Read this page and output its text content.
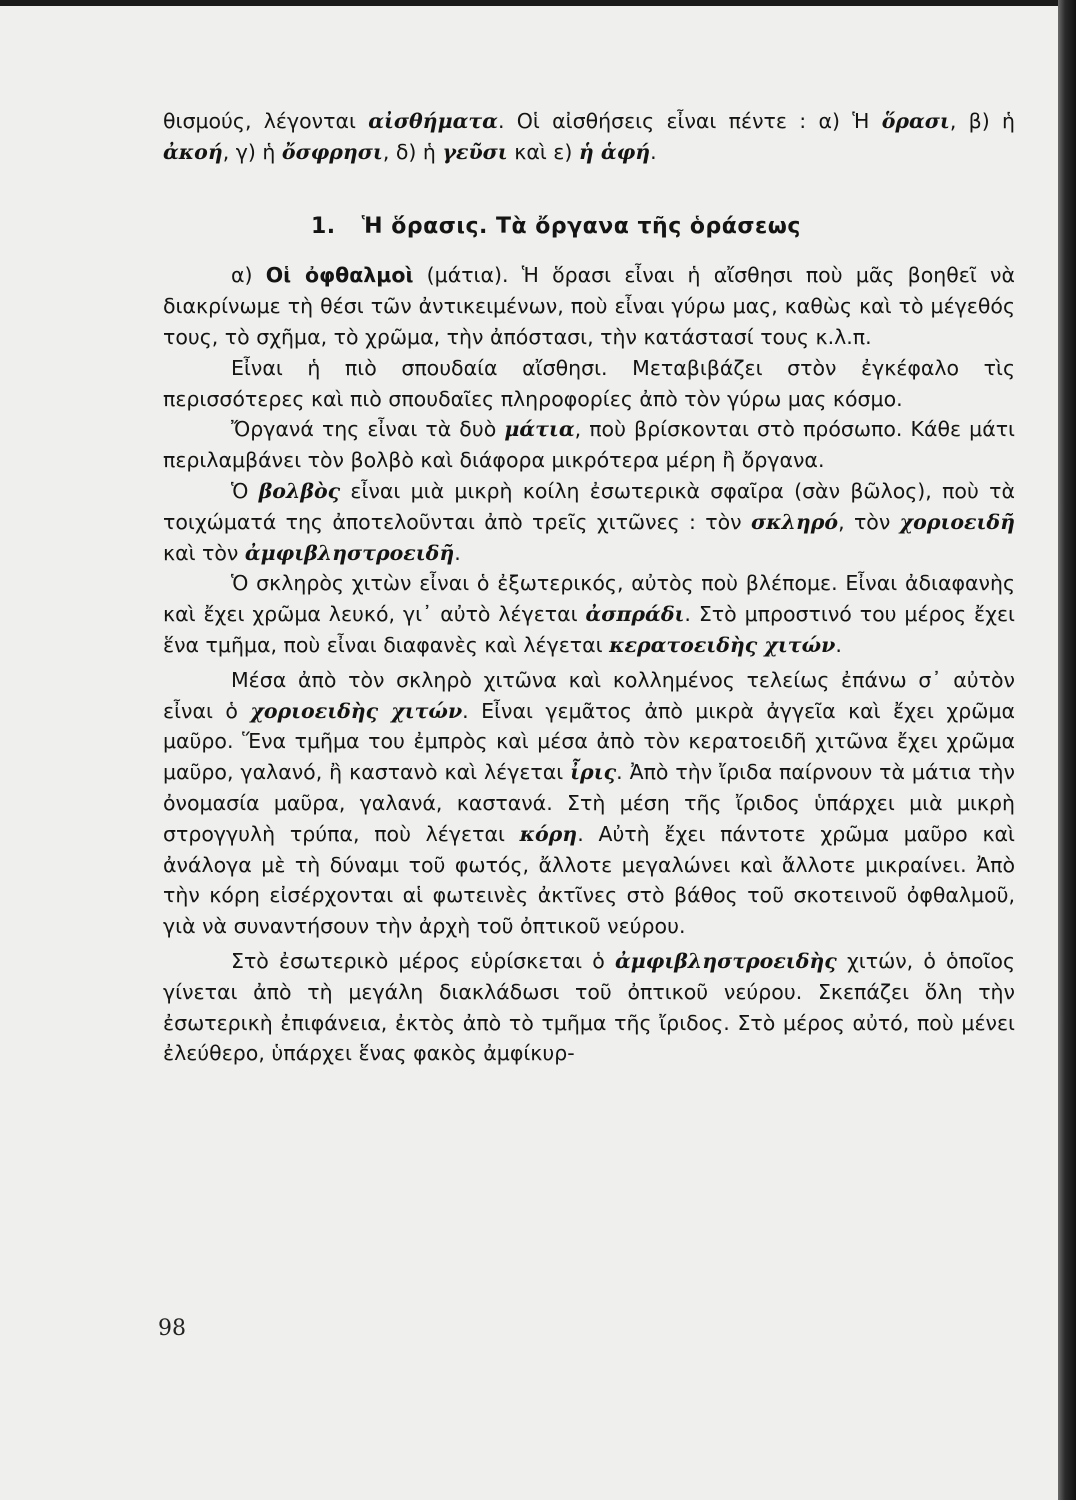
θισμούς, λέγονται αἰσθήματα. Οἱ αἰσθήσεις εἶναι πέντε : α) Ἡ ὅρασι, β) ἡ ἀκοή, γ) ἡ ὄσφρησι, δ) ἡ γεῦσι καὶ ε) ἡ ἁφή.

1. Ἡ ὅρασις. Τὰ ὄργανα τῆς ὁράσεως

α) Οἱ ὀφθαλμοὶ (μάτια). Ἡ ὅρασι εἶναι ἡ αἴσθησι ποὺ μᾶς βοηθεῖ νὰ διακρίνωμε τὴ θέσι τῶν ἀντικειμένων, ποὺ εἶναι γύρω μας, καθὼς καὶ τὸ μέγεθός τους, τὸ σχῆμα, τὸ χρῶμα, τὴν ἀπόστασι, τὴν κατάστασί τους κ.λ.π.

Εἶναι ἡ πιὸ σπουδαία αἴσθησι. Μεταβιβάζει στὸν ἐγκέφαλο τὶς περισσότερες καὶ πιὸ σπουδαῖες πληροφορίες ἀπὸ τὸν γύρω μας κόσμο.

Ὄργανά της εἶναι τὰ δυὸ μάτια, ποὺ βρίσκονται στὸ πρόσωπο. Κάθε μάτι περιλαμβάνει τὸν βολβὸ καὶ διάφορα μικρότερα μέρη ἢ ὄργανα.

Ὁ βολβὸς εἶναι μιὰ μικρὴ κοίλη ἐσωτερικὰ σφαῖρα (σὰν βῶλος), ποὺ τὰ τοιχώματά της ἀποτελοῦνται ἀπὸ τρεῖς χιτῶνες : τὸν σκληρό, τὸν χοριοειδῆ καὶ τὸν ἀμφιβληστροειδῆ.

Ὁ σκληρὸς χιτὼν εἶναι ὁ ἐξωτερικός, αὐτὸς ποὺ βλέπομε. Εἶναι ἀδιαφανὴς καὶ ἔχει χρῶμα λευκό, γι᾽ αὐτὸ λέγεται ἀσπράδι. Στὸ μπροστινό του μέρος ἔχει ἕνα τμῆμα, ποὺ εἶναι διαφανὲς καὶ λέγεται κερατοειδὴς χιτών.

Μέσα ἀπὸ τὸν σκληρὸ χιτῶνα καὶ κολλημένος τελείως ἐπάνω σ᾽ αὐτὸν εἶναι ὁ χοριοειδὴς χιτών. Εἶναι γεμᾶτος ἀπὸ μικρὰ ἀγγεῖα καὶ ἔχει χρῶμα μαῦρο. Ἕνα τμῆμα του ἐμπρὸς καὶ μέσα ἀπὸ τὸν κερατοειδῆ χιτῶνα ἔχει χρῶμα μαῦρο, γαλανό, ἢ καστανὸ καὶ λέγεται ἶρις. Ἀπὸ τὴν ἴριδα παίρνουν τὰ μάτια τὴν ὀνομασία μαῦρα, γαλανά, καστανά. Στὴ μέση τῆς ἴριδος ὑπάρχει μιὰ μικρὴ στρογγυλὴ τρύπα, ποὺ λέγεται κόρη. Αὐτὴ ἔχει πάντοτε χρῶμα μαῦρο καὶ ἀνάλογα μὲ τὴ δύναμι τοῦ φωτός, ἄλλοτε μεγαλώνει καὶ ἄλλοτε μικραίνει. Ἀπὸ τὴν κόρη εἰσέρχονται αἱ φωτεινὲς ἀκτῖνες στὸ βάθος τοῦ σκοτεινοῦ ὀφθαλμοῦ, γιὰ νὰ συναντήσουν τὴν ἀρχὴ τοῦ ὀπτικοῦ νεύρου.

Στὸ ἐσωτερικὸ μέρος εὑρίσκεται ὁ ἀμφιβληστροειδὴς χιτών, ὁ ὁποῖος γίνεται ἀπὸ τὴ μεγάλη διακλάδωσι τοῦ ὀπτικοῦ νεύρου. Σκεπάζει ὅλη τὴν ἐσωτερικὴ ἐπιφάνεια, ἐκτὸς ἀπὸ τὸ τμῆμα τῆς ἴριδος. Στὸ μέρος αὐτό, ποὺ μένει ἐλεύθερο, ὑπάρχει ἕνας φακὸς ἀμφίκυρ-

98
